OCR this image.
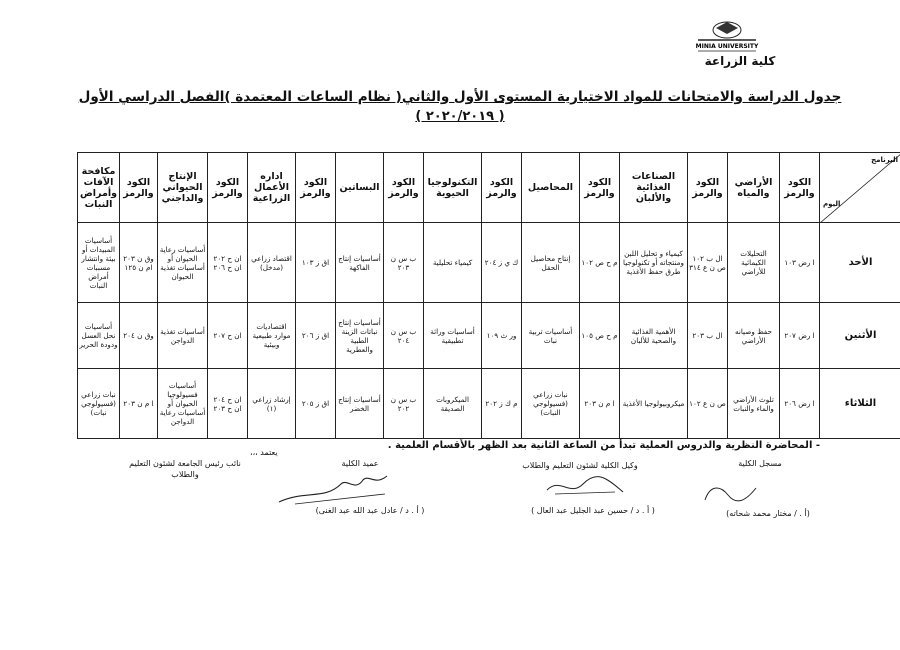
MINIA UNIVERSITY
كلية الزراعة
جدول الدراسة والامتحانات للمواد الاختيارية المستوى الأول والثاني( نظام الساعات المعتمدة )الفصل الدراسي الأول
( ٢٠٢٠/٢٠١٩ )
البرنامج
اليوم	الكود والرمز	الأراضي والمياه	الكود والرمز	الصناعات الغذائية والألبان	الكود والرمز	المحاصيل	الكود والرمز	التكنولوجيا الحيوية	الكود والرمز	البساتين	الكود والرمز	اداره الأعمال الزراعية	الكود والرمز	الإنتاج الحيواني والداجني	الكود والرمز	مكافحة الآفات وأمراض النبات
الأحد	ا رض ١٠٣	التحليلات الكيمائية للأراضي	ال ب ١٠٢ ص ن ع ٣١٤	كيمياء و تحليل اللبن ومنتجاته أو تكنولوجيا طرق حفظ الأغذية	م ح ص ١٠٢	إنتاج محاصيل الحقل	ك ي ز ٢٠٤	كيمياء تحليلية	ب س ن ٢٠٣	أساسيات إنتاج الفاكهة	اق ز ١٠٣	اقتصاد زراعي (مدخل)	ان ح ٢٠٢ ان ح ٢٠٦	أساسيات رعاية الحيوان أو أساسيات تغذية الحيوان	وق ن ٢٠٣ ام ن ١٢٥	أساسيات المبيدات أو بيئة وانتشار مسببات أمراض النبات
الأثنين	ا رض ٢٠٧	حفظ وصيانه الأراضي	ال ب ٢٠٣	الأهمية الغذائية والصحية للألبان	م ح ص ١٠٥	أساسيات تربية نبات	ور ث ١٠٩	أساسيات وراثة تطبيقية	ب س ن ٢٠٤	أساسيات إنتاج نباتات الزينة الطبية والعطرية	اق ز ٢٠٦	اقتصاديات موارد طبيعية وبيئية	ان ح ٢٠٧	أساسيات تغذية الدواجن	وق ن ٢٠٤	أساسيات نحل العسل ودودة الحرير
الثلاثاء	ا رض ٢٠٦	تلوث الأراضي والماء والنبات	ص ن ع ١٠٢	ميكروبيولوجيا الأغذية	ا م ن ٢٠٣	نبات زراعي (فسيولوجي النبات)	م ك ز ٢٠٢	الميكروبات الصديقة	ب س ن ٢٠٢	أساسيات إنتاج الخضر	اق ز ٢٠٥	إرشاد زراعي (١)	ان ح ٢٠٤ ان ح ٢٠٣	أساسيات فسيولوجيا الحيوان أو أساسيات رعاية الدواجن	ا م ن ٢٠٣	نبات زراعي (فسيولوجي نبات)
- المحاضرة النظرية والدروس العملية تبدأ من الساعة الثانية بعد الظهر بالأقسام العلمية .
يعتمد ،،،
مسجل الكلية
(أ . / مختار محمد شحاته)
وكيل الكلية لشئون التعليم والطلاب
( أ . د / حسين عبد الجليل عبد العال )
عميد الكلية
( أ . د / عادل عبد الله عبد الغنى)
نائب رئيس الجامعة لشئون التعليم والطلاب
